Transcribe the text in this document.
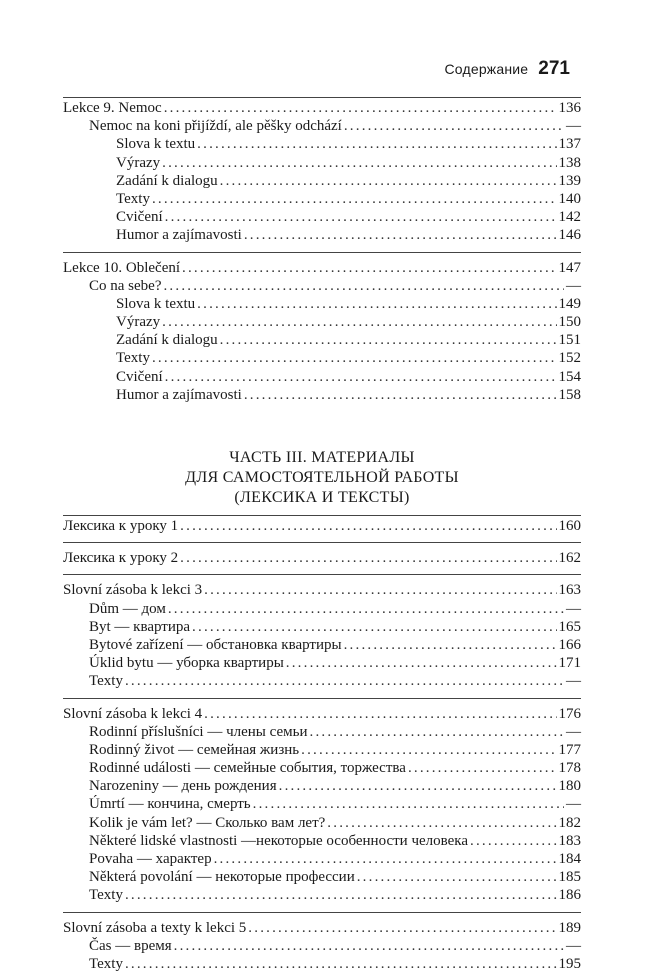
Содержание 271
Lekce 9. Nemoc .....	136
Nemoc na koni přijíždí, ale pěšky odchází .....	—
Slova k textu .....	137
Výrazy .....	138
Zadání k dialogu .....	139
Texty .....	140
Cvičení .....	142
Humor a zajímavosti .....	146
Lekce 10. Oblečení .....	147
Co na sebe? .....	—
Slova k textu .....	149
Výrazy .....	150
Zadání k dialogu .....	151
Texty .....	152
Cvičení .....	154
Humor a zajímavosti .....	158
ЧАСТЬ III. МАТЕРИАЛЫ
ДЛЯ САМОСТОЯТЕЛЬНОЙ РАБОТЫ
(ЛЕКСИКА И ТЕКСТЫ)
Лексика к уроку 1 .....	160
Лексика к уроку 2 .....	162
Slovní zásoba k lekci 3 .....	163
Dům — дом .....	—
Byt — квартира .....	165
Bytové zařízení — обстановка квартиры .....	166
Úklid bytu — уборка квартиры .....	171
Texty .....	—
Slovní zásoba k lekci 4 .....	176
Rodinní příslušníci — члены семьи .....	—
Rodinný život — семейная жизнь .....	177
Rodinné události — семейные события, торжества .....	178
Narozeniny — день рождения .....	180
Úmrtí — кончина, смерть .....	—
Kolik je vám let? — Сколько вам лет? .....	182
Některé lidské vlastnosti —некоторые особенности человека .....	183
Povaha — характер .....	184
Některá povolání — некоторые профессии .....	185
Texty .....	186
Slovní zásoba a texty k lekci 5 .....	189
Čas — время .....	—
Texty .....	195
